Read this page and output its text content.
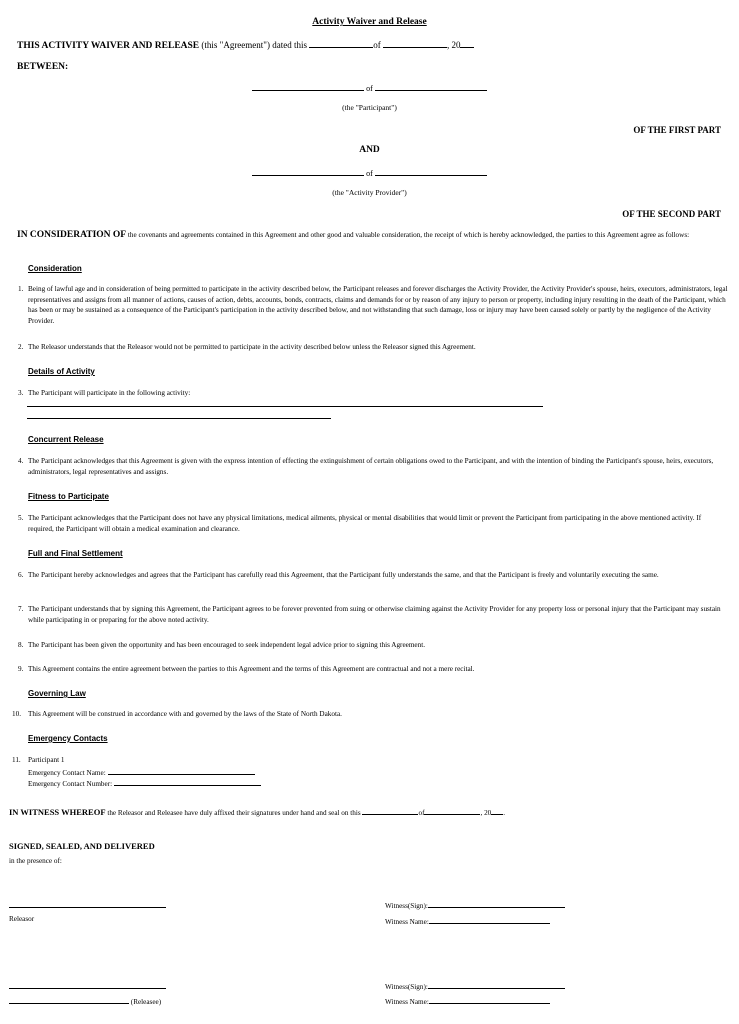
Activity Waiver and Release
THIS ACTIVITY WAIVER AND RELEASE (this "Agreement") dated this	of	, 20
BETWEEN:
of
(the "Participant")
OF THE FIRST PART
AND
of
(the "Activity Provider")
OF THE SECOND PART
IN CONSIDERATION OF the covenants and agreements contained in this Agreement and other good and valuable consideration, the receipt of which is hereby acknowledged, the parties to this Agreement agree as follows:
Consideration
1. Being of lawful age and in consideration of being permitted to participate in the activity described below, the Participant releases and forever discharges the Activity Provider, the Activity Provider's spouse, heirs, executors, administrators, legal representatives and assigns from all manner of actions, causes of action, debts, accounts, bonds, contracts, claims and demands for or by reason of any injury to person or property, including injury resulting in the death of the Participant, which has been or may be sustained as a consequence of the Participant's participation in the activity described below, and not withstanding that such damage, loss or injury may have been caused solely or partly by the negligence of the Activity Provider.
2. The Releasor understands that the Releasor would not be permitted to participate in the activity described below unless the Releasor signed this Agreement.
Details of Activity
3. The Participant will participate in the following activity:
Concurrent Release
4. The Participant acknowledges that this Agreement is given with the express intention of effecting the extinguishment of certain obligations owed to the Participant, and with the intention of binding the Participant's spouse, heirs, executors, administrators, legal representatives and assigns.
Fitness to Participate
5. The Participant acknowledges that the Participant does not have any physical limitations, medical ailments, physical or mental disabilities that would limit or prevent the Participant from participating in the above mentioned activity. If required, the Participant will obtain a medical examination and clearance.
Full and Final Settlement
6. The Participant hereby acknowledges and agrees that the Participant has carefully read this Agreement, that the Participant fully understands the same, and that the Participant is freely and voluntarily executing the same.
7. The Participant understands that by signing this Agreement, the Participant agrees to be forever prevented from suing or otherwise claiming against the Activity Provider for any property loss or personal injury that the Participant may sustain while participating in or preparing for the above noted activity.
8. The Participant has been given the opportunity and has been encouraged to seek independent legal advice prior to signing this Agreement.
9. This Agreement contains the entire agreement between the parties to this Agreement and the terms of this Agreement are contractual and not a mere recital.
Governing Law
10. This Agreement will be construed in accordance with and governed by the laws of the State of North Dakota.
Emergency Contacts
11.	Participant 1
Emergency Contact Name:
Emergency Contact Number:
IN WITNESS WHEREOF the Releasor and Releasee have duly affixed their signatures under hand and seal on this	of	, 20 .
SIGNED, SEALED, AND DELIVERED
in the presence of:
Releasor
Witness(Sign):
Witness Name:
(Releasee)
Witness(Sign):
Witness Name:
